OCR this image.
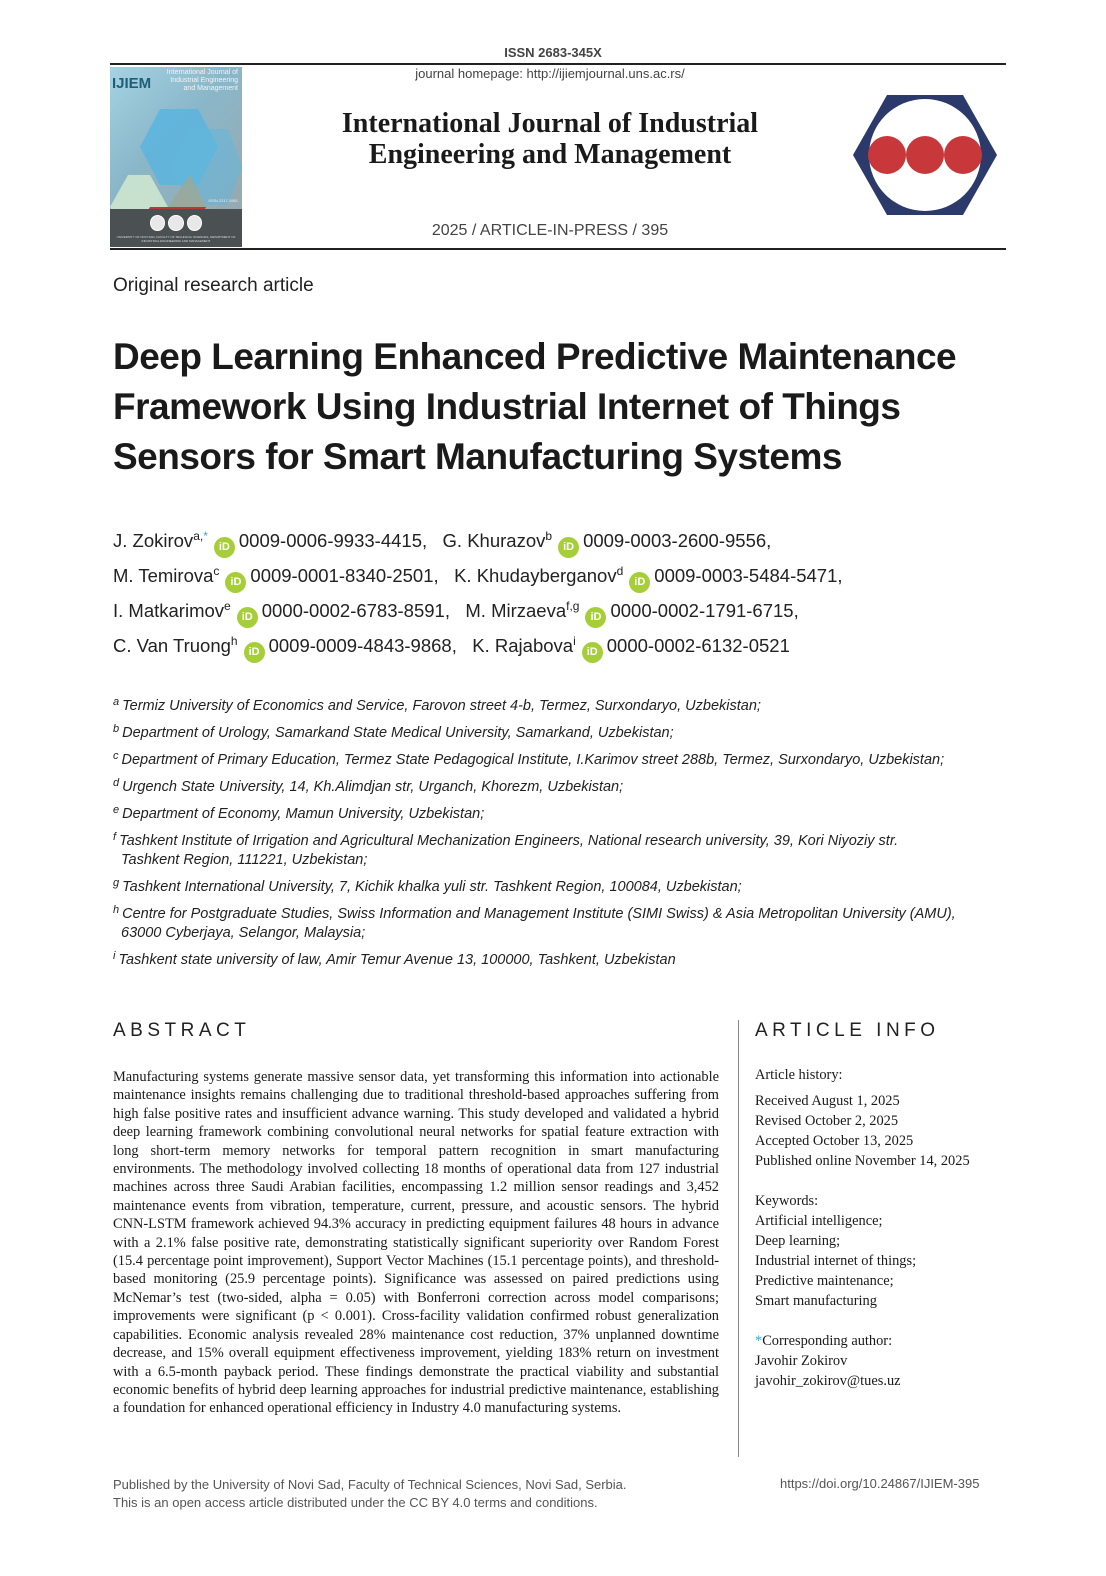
ISSN 2683-345X
journal homepage: http://ijiemjournal.uns.ac.rs/
IJIEM
International Journal of Industrial Engineering and Management
ISSN 2217-2661
UNIVERSITY OF NOVI SAD, FACULTY OF TECHNICAL SCIENCES, DEPARTMENT OF INDUSTRIAL ENGINEERING AND MANAGEMENT
International Journal of Industrial
Engineering and Management
2025 / ARTICLE-IN-PRESS / 395
Original research article
Deep Learning Enhanced Predictive Maintenance
Framework Using Industrial Internet of Things
Sensors for Smart Manufacturing Systems
J. Zokirov$^{a,*}$iD 0009-0006-9933-4415, G. Khurazov$^b$iD 0009-0003-2600-9556,
M. Temirova$^c$iD 0009-0001-8340-2501, K. Khudayberganov$^d$iD 0009-0003-5484-5471,
I. Matkarimov$^e$iD 0000-0002-6783-8591, M. Mirzaeva$^{f,g}$iD 0000-0002-1791-6715,
C. Van Truong$^h$iD 0009-0009-4843-9868, K. Rajabova$^i$iD 0000-0002-6132-0521
$^a$ Termiz University of Economics and Service, Farovon street 4-b, Termez, Surxondaryo, Uzbekistan;
$^b$ Department of Urology, Samarkand State Medical University, Samarkand, Uzbekistan;
$^c$ Department of Primary Education, Termez State Pedagogical Institute, I.Karimov street 288b, Termez, Surxondaryo, Uzbekistan;
$^d$ Urgench State University, 14, Kh.Alimdjan str, Urganch, Khorezm, Uzbekistan;
$^e$ Department of Economy, Mamun University, Uzbekistan;
$^f$ Tashkent Institute of Irrigation and Agricultural Mechanization Engineers, National research university, 39, Kori Niyoziy str.
Tashkent Region, 111221, Uzbekistan;
$^g$ Tashkent International University, 7, Kichik khalka yuli str. Tashkent Region, 100084, Uzbekistan;
$^h$ Centre for Postgraduate Studies, Swiss Information and Management Institute (SIMI Swiss) & Asia Metropolitan University (AMU),
63000 Cyberjaya, Selangor, Malaysia;
$^i$ Tashkent state university of law, Amir Temur Avenue 13, 100000, Tashkent, Uzbekistan
ABSTRACT
Manufacturing systems generate massive sensor data, yet transforming this information into actionable maintenance insights remains challenging due to traditional threshold-based approaches suffering from high false positive rates and insufficient advance warning. This study developed and validated a hybrid deep learning framework combining convolutional neural networks for spatial feature extraction with long short-term memory networks for temporal pattern recognition in smart manufacturing environments. The methodology involved collecting 18 months of operational data from 127 industrial machines across three Saudi Arabian facilities, encompassing 1.2 million sensor readings and 3,452 maintenance events from vibration, temperature, current, pressure, and acoustic sensors. The hybrid CNN-LSTM framework achieved 94.3% accuracy in predicting equipment failures 48 hours in advance with a 2.1% false positive rate, demonstrating statistically significant superiority over Random Forest (15.4 percentage point improvement), Support Vector Machines (15.1 percentage points), and threshold-based monitoring (25.9 percentage points). Significance was assessed on paired predictions using McNemar’s test (two-sided, alpha = 0.05) with Bonferroni correction across model comparisons; improvements were significant (p < 0.001). Cross-facility validation confirmed robust generalization capabilities. Economic analysis revealed 28% maintenance cost reduction, 37% unplanned downtime decrease, and 15% overall equipment effectiveness improvement, yielding 183% return on investment with a 6.5-month payback period. These findings demonstrate the practical viability and substantial economic benefits of hybrid deep learning approaches for industrial predictive maintenance, establishing a foundation for enhanced operational efficiency in Industry 4.0 manufacturing systems.
ARTICLE INFO
Article history:
Received August 1, 2025
Revised October 2, 2025
Accepted October 13, 2025
Published online November 14, 2025
Keywords:
Artificial intelligence;
Deep learning;
Industrial internet of things;
Predictive maintenance;
Smart manufacturing
*Corresponding author:
Javohir Zokirov
javohir_zokirov@tues.uz
Published by the University of Novi Sad, Faculty of Technical Sciences, Novi Sad, Serbia.
This is an open access article distributed under the CC BY 4.0 terms and conditions.
https://doi.org/10.24867/IJIEM-395
